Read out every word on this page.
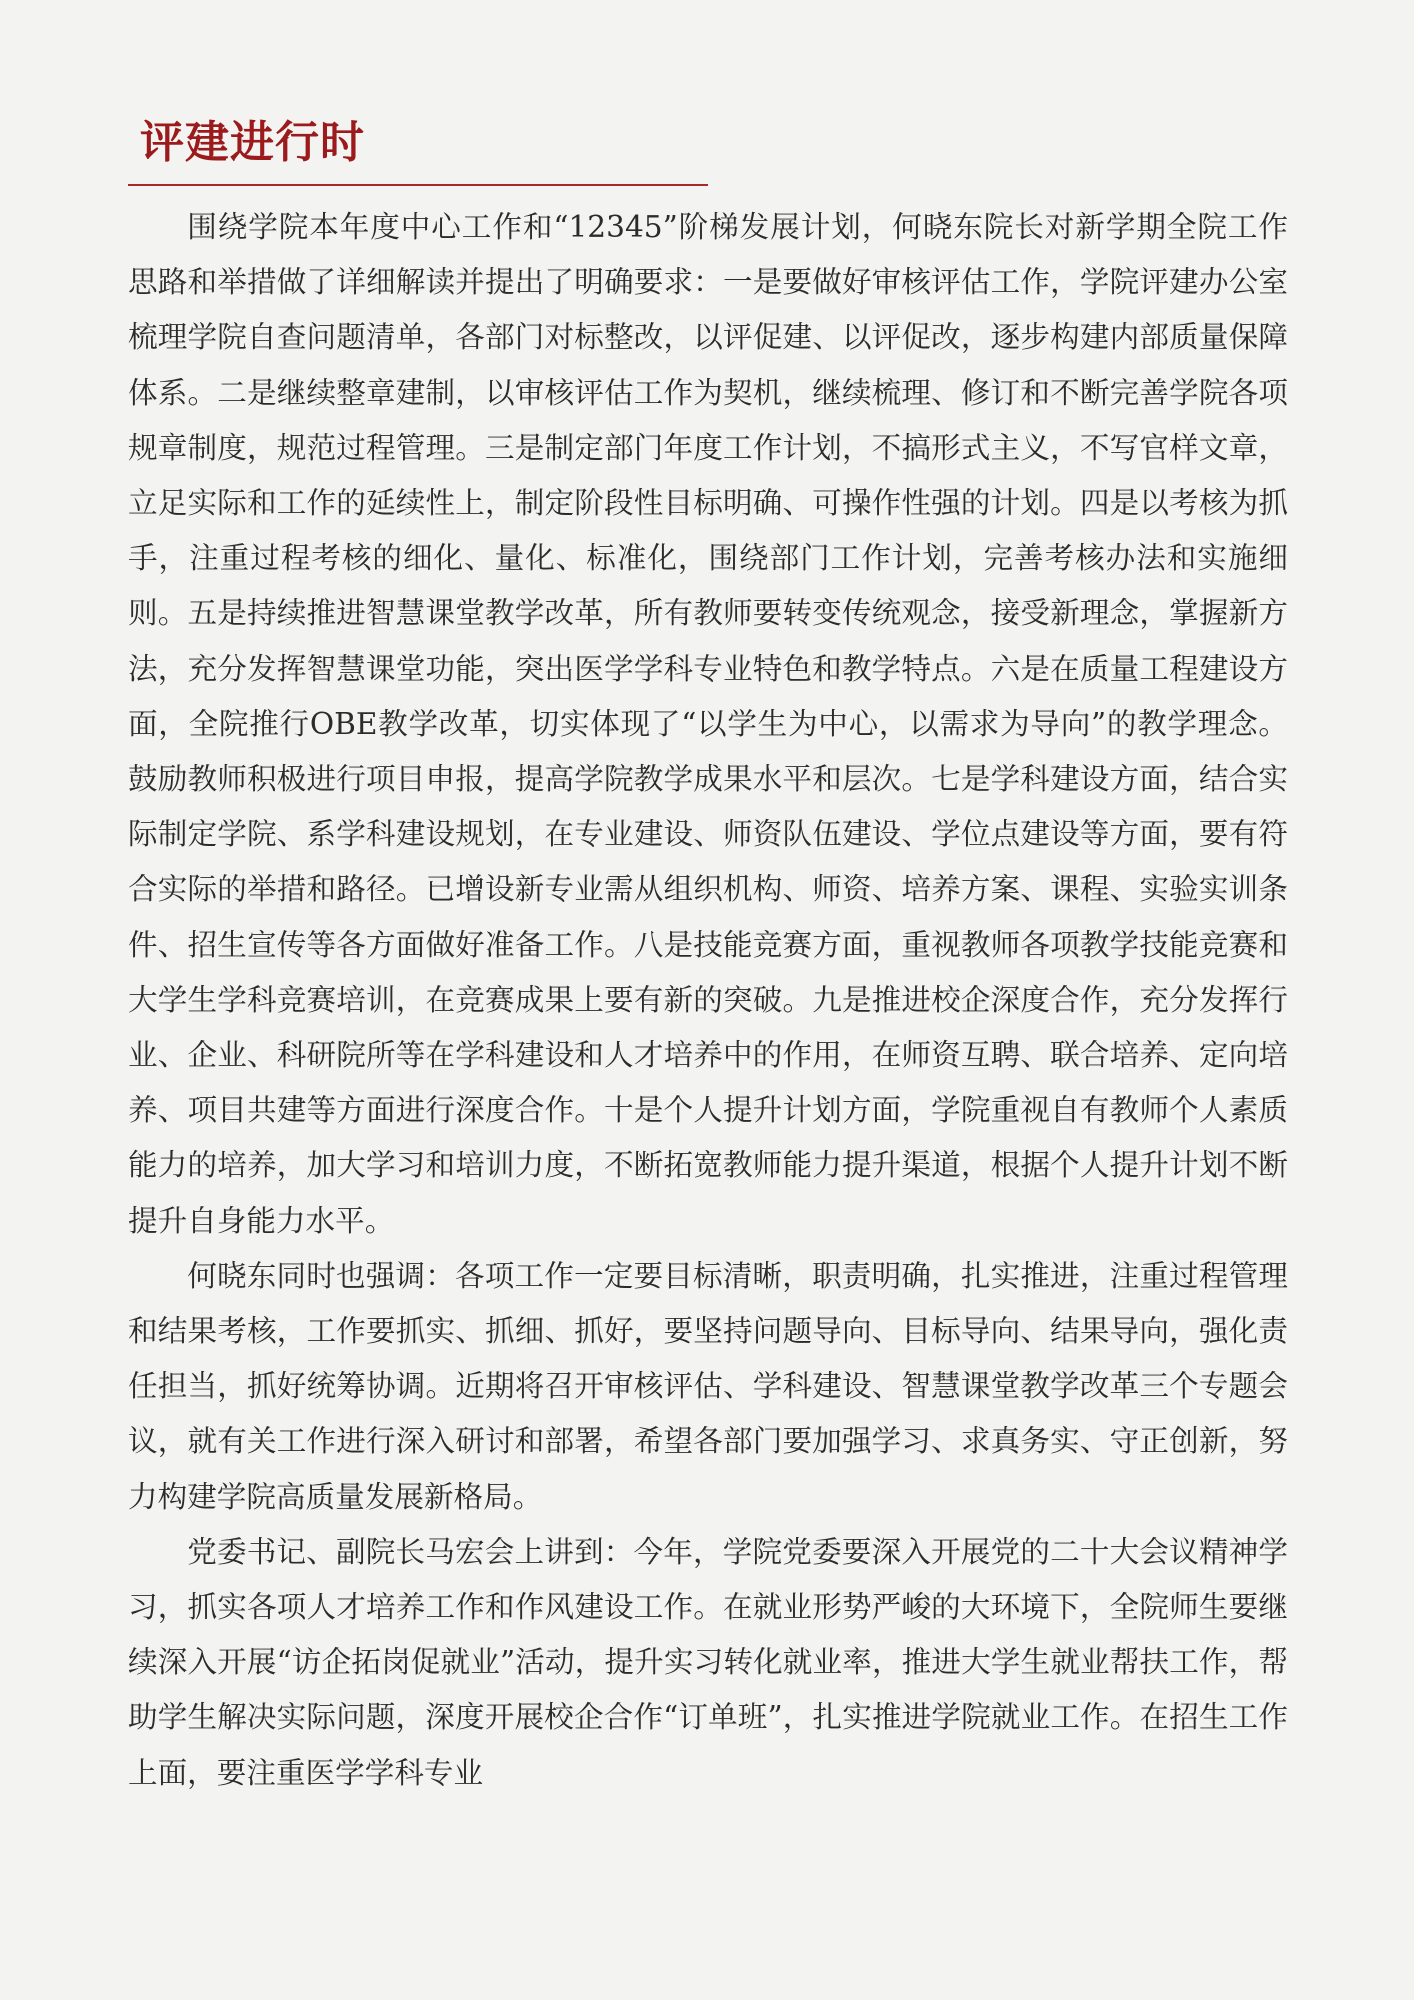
评建进行时

围绕学院本年度中心工作和“12345”阶梯发展计划，何晓东院长对新学期全院工作思路和举措做了详细解读并提出了明确要求：一是要做好审核评估工作，学院评建办公室梳理学院自查问题清单，各部门对标整改，以评促建、以评促改，逐步构建内部质量保障体系。二是继续整章建制，以审核评估工作为契机，继续梳理、修订和不断完善学院各项规章制度，规范过程管理。三是制定部门年度工作计划，不搞形式主义，不写官样文章，立足实际和工作的延续性上，制定阶段性目标明确、可操作性强的计划。四是以考核为抓手，注重过程考核的细化、量化、标准化，围绕部门工作计划，完善考核办法和实施细则。五是持续推进智慧课堂教学改革，所有教师要转变传统观念，接受新理念，掌握新方法，充分发挥智慧课堂功能，突出医学学科专业特色和教学特点。六是在质量工程建设方面，全院推行OBE教学改革，切实体现了“以学生为中心，以需求为导向”的教学理念。鼓励教师积极进行项目申报，提高学院教学成果水平和层次。七是学科建设方面，结合实际制定学院、系学科建设规划，在专业建设、师资队伍建设、学位点建设等方面，要有符合实际的举措和路径。已增设新专业需从组织机构、师资、培养方案、课程、实验实训条件、招生宣传等各方面做好准备工作。八是技能竞赛方面，重视教师各项教学技能竞赛和大学生学科竞赛培训，在竞赛成果上要有新的突破。九是推进校企深度合作，充分发挥行业、企业、科研院所等在学科建设和人才培养中的作用，在师资互聘、联合培养、定向培养、项目共建等方面进行深度合作。十是个人提升计划方面，学院重视自有教师个人素质能力的培养，加大学习和培训力度，不断拓宽教师能力提升渠道，根据个人提升计划不断提升自身能力水平。

何晓东同时也强调：各项工作一定要目标清晰，职责明确，扎实推进，注重过程管理和结果考核，工作要抓实、抓细、抓好，要坚持问题导向、目标导向、结果导向，强化责任担当，抓好统筹协调。近期将召开审核评估、学科建设、智慧课堂教学改革三个专题会议，就有关工作进行深入研讨和部署，希望各部门要加强学习、求真务实、守正创新，努力构建学院高质量发展新格局。

党委书记、副院长马宏会上讲到：今年，学院党委要深入开展党的二十大会议精神学习，抓实各项人才培养工作和作风建设工作。在就业形势严峻的大环境下，全院师生要继续深入开展“访企拓岗促就业”活动，提升实习转化就业率，推进大学生就业帮扶工作，帮助学生解决实际问题，深度开展校企合作“订单班”，扎实推进学院就业工作。在招生工作上面，要注重医学学科专业
